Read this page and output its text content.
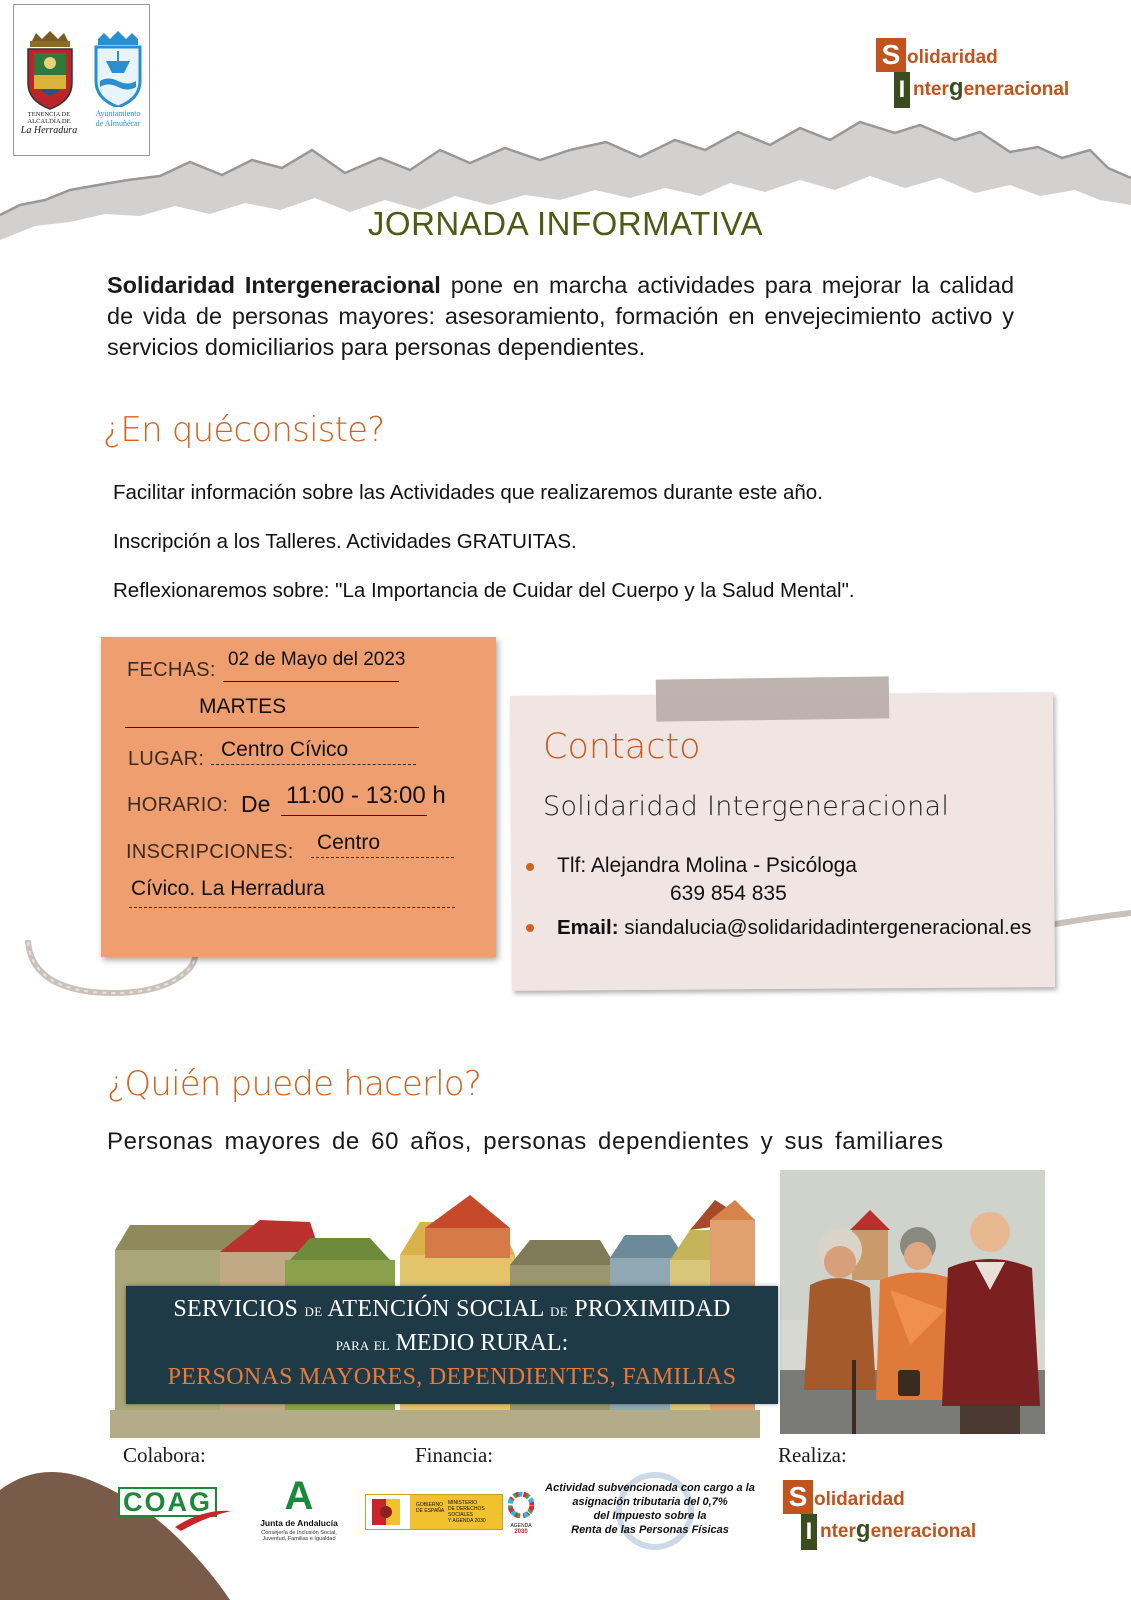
TENENCIA DE ALCALDÍA DE
La Herradura
Ayuntamiento
de Almuñécar
S olidaridad
I ntergeneracional
JORNADA INFORMATIVA
Solidaridad Intergeneracional pone en marcha actividades para mejorar la calidad de vida de personas mayores: asesoramiento, formación en envejecimiento activo y servicios domiciliarios para personas dependientes.
¿En quéconsiste?
Facilitar información sobre las Actividades que realizaremos durante este año.
Inscripción a los Talleres. Actividades GRATUITAS.
Reflexionaremos sobre: "La Importancia de Cuidar del Cuerpo y la Salud Mental".
FECHAS: 02 de Mayo del 2023
MARTES
LUGAR: Centro Cívico
HORARIO: De 11:00 - 13:00 h
INSCRIPCIONES: Centro
Cívico. La Herradura
Contacto
Solidaridad Intergeneracional
Tlf: Alejandra Molina - Psicóloga
639 854 835
Email: siandalucia@solidaridadintergeneracional.es
¿Quién puede hacerlo?
Personas mayores de 60 años, personas dependientes y sus familiares
SERVICIOS de ATENCIÓN SOCIAL de PROXIMIDAD
para el MEDIO RURAL:
PERSONAS MAYORES, DEPENDIENTES, FAMILIAS
Colabora:	Financia:	Realiza:
COAG	A
Junta de Andalucía
Consejería de Inclusión Social,
Juventud, Familias e Igualdad
GOBIERNO
DE ESPAÑA
MINISTERIO
DE DERECHOS SOCIALES
Y AGENDA 2030
AGENDA
2030
Actividad subvencionada con cargo a la
asignación tributaria del 0,7%
del Impuesto sobre la
Renta de las Personas Físicas
S olidaridad
I ntergeneracional
